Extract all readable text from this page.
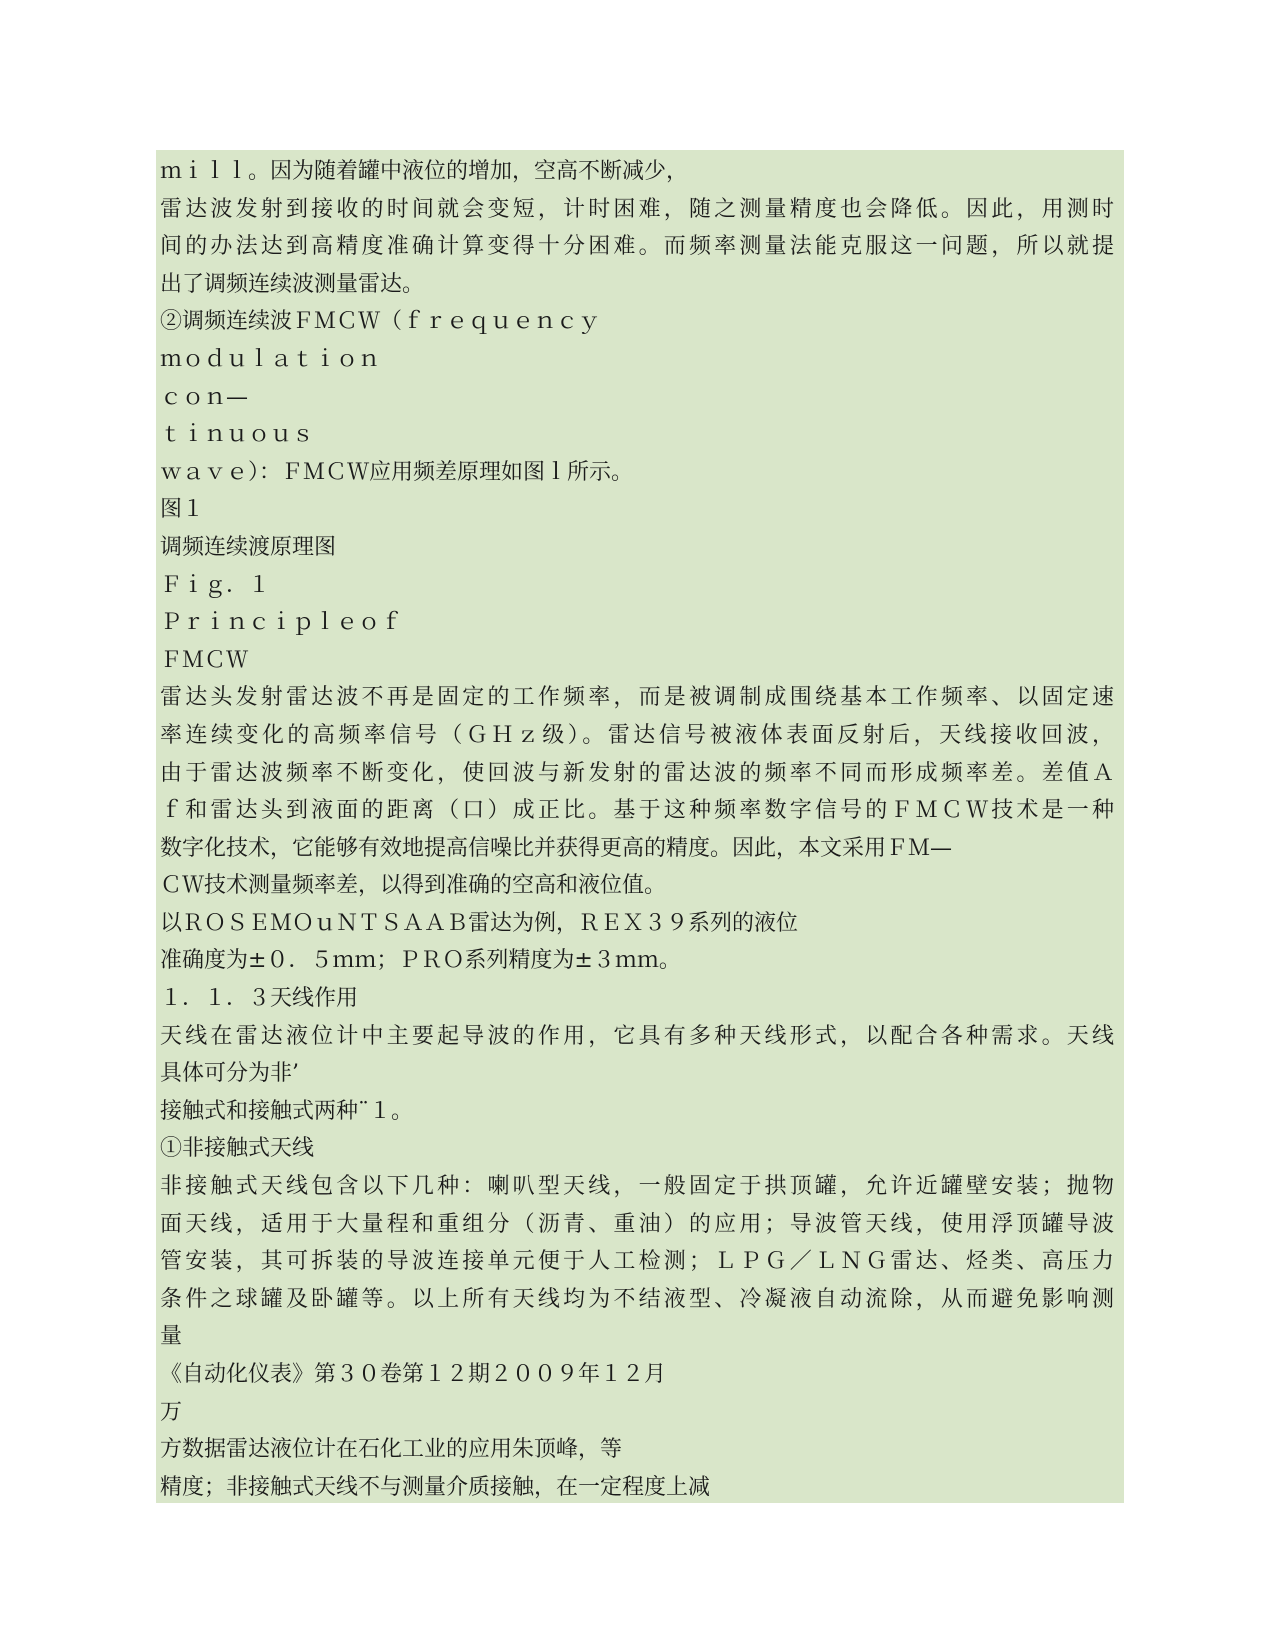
ｍｉｌｌ。因为随着罐中液位的增加，空高不断减少，
雷达波发射到接收的时间就会变短，计时困难，随之测量精度也会降低。因此，用测时
间的办法达到高精度准确计算变得十分困难。而频率测量法能克服这一问题，所以就提
出了调频连续波测量雷达。
②调频连续波ＦＭＣＷ（ｆｒｅｑｕｅｎｃｙ
ｍｏｄｕｌａｔｉｏｎ
ｃｏｎ—
ｔｉｎｕｏｕｓ
ｗａｖｅ）：ＦＭＣＷ应用频差原理如图ｌ所示。
图１
调频连续渡原理图
Ｆｉｇ．１
Ｐｒｉｎｃｉｐｌｅｏｆ
ＦＭＣＷ
雷达头发射雷达波不再是固定的工作频率，而是被调制成围绕基本工作频率、以固定速
率连续变化的高频率信号（ＧＨｚ级）。雷达信号被液体表面反射后，天线接收回波，
由于雷达波频率不断变化，使回波与新发射的雷达波的频率不同而形成频率差。差值Ａ
ｆ和雷达头到液面的距离（口）成正比。基于这种频率数字信号的ＦＭＣＷ技术是一种
数字化技术，它能够有效地提高信噪比并获得更高的精度。因此，本文采用ＦＭ—
ＣＷ技术测量频率差，以得到准确的空高和液位值。
以ＲＯＳＥＭＯｕＮＴＳＡＡＢ雷达为例，ＲＥＸ３９系列的液位
准确度为±０．５ｍｍ；ＰＲＯ系列精度为±３ｍｍ。
１．１．３天线作用
天线在雷达液位计中主要起导波的作用，它具有多种天线形式，以配合各种需求。天线
具体可分为非’
接触式和接触式两种¨１。
①非接触式天线
非接触式天线包含以下几种：喇叭型天线，一般固定于拱顶罐，允许近罐壁安装；抛物
面天线，适用于大量程和重组分（沥青、重油）的应用；导波管天线，使用浮顶罐导波
管安装，其可拆装的导波连接单元便于人工检测；ＬＰＧ／ＬＮＧ雷达、烃类、高压力
条件之球罐及卧罐等。以上所有天线均为不结液型、冷凝液自动流除，从而避免影响测
量
《自动化仪表》第３０卷第１２期２００９年１２月
万
方数据雷达液位计在石化工业的应用朱顶峰，等
精度；非接触式天线不与测量介质接触，在一定程度上减
